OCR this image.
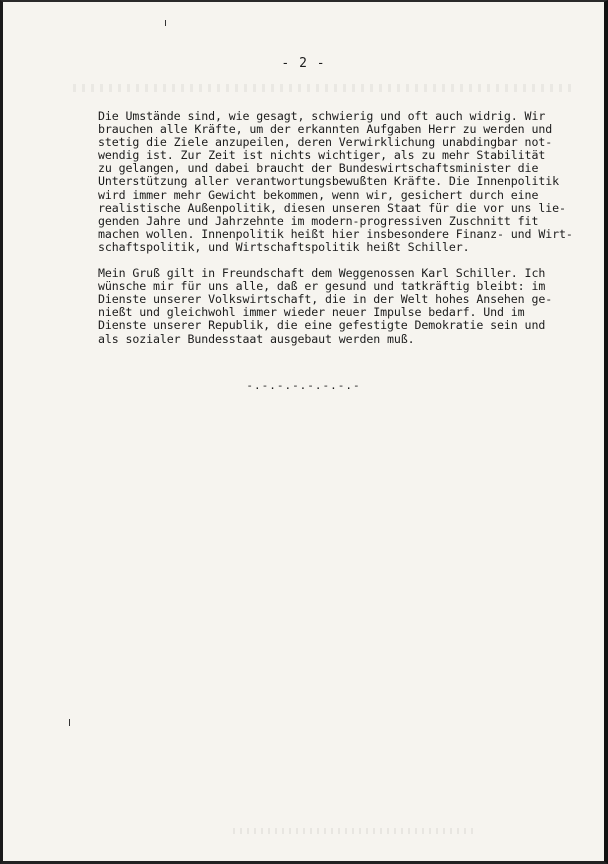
- 2 -

Die Umstände sind, wie gesagt, schwierig und oft auch widrig. Wir
brauchen alle Kräfte, um der erkannten Aufgaben Herr zu werden und
stetig die Ziele anzupeilen, deren Verwirklichung unabdingbar not-
wendig ist. Zur Zeit ist nichts wichtiger, als zu mehr Stabilität
zu gelangen, und dabei braucht der Bundeswirtschaftsminister die
Unterstützung aller verantwortungsbewußten Kräfte. Die Innenpolitik
wird immer mehr Gewicht bekommen, wenn wir, gesichert durch eine
realistische Außenpolitik, diesen unseren Staat für die vor uns lie-
genden Jahre und Jahrzehnte im modern-progressiven Zuschnitt fit
machen wollen. Innenpolitik heißt hier insbesondere Finanz- und Wirt-
schaftspolitik, und Wirtschaftspolitik heißt Schiller.

Mein Gruß gilt in Freundschaft dem Weggenossen Karl Schiller. Ich
wünsche mir für uns alle, daß er gesund und tatkräftig bleibt: im
Dienste unserer Volkswirtschaft, die in der Welt hohes Ansehen ge-
nießt und gleichwohl immer wieder neuer Impulse bedarf. Und im
Dienste unserer Republik, die eine gefestigte Demokratie sein und
als sozialer Bundesstaat ausgebaut werden muß.

-.-.-.-.-.-.-.-
